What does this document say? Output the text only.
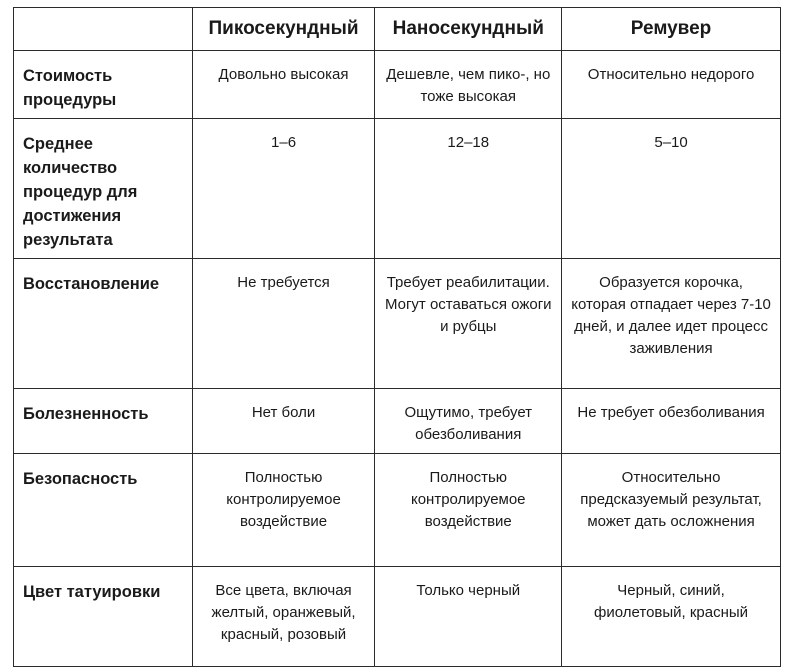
	Пикосекундный	Наносекундный	Ремувер
Стоимость процедуры	Довольно высокая	Дешевле, чем пико-, но тоже высокая	Относительно недорого
Среднее количество процедур для достижения результата	1–6	12–18	5–10
Восстановление	Не требуется	Требует реабилитации. Могут оставаться ожоги и рубцы	Образуется корочка, которая отпадает через 7-10 дней, и далее идет процесс заживления
Болезненность	Нет боли	Ощутимо, требует обезболивания	Не требует обезболивания
Безопасность	Полностью контролируемое воздействие	Полностью контролируемое воздействие	Относительно предсказуемый результат, может дать осложнения
Цвет татуировки	Все цвета, включая желтый, оранжевый, красный, розовый	Только черный	Черный, синий, фиолетовый, красный
